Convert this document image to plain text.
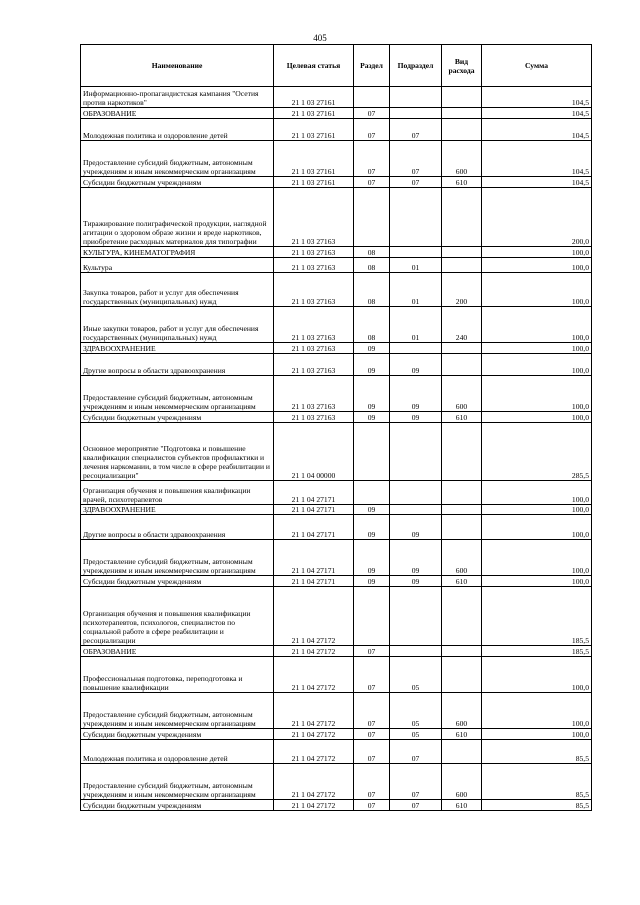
405
Наименование	Целевая статья	Раздел	Подраздел	Вид расхода	Сумма
Информационно-пропагандистская кампания "Осетия против наркотиков"	21 1 03 27161				104,5
ОБРАЗОВАНИЕ	21 1 03 27161	07			104,5
Молодежная политика и оздоровление детей	21 1 03 27161	07	07		104,5
Предоставление субсидий бюджетным, автономным учреждениям и иным некоммерческим организациям	21 1 03 27161	07	07	600	104,5
Субсидии бюджетным учреждениям	21 1 03 27161	07	07	610	104,5
Тиражирование полиграфической продукции, наглядной агитации о здоровом образе жизни и вреде наркотиков, приобретение расходных материалов для типографии	21 1 03 27163				200,0
КУЛЬТУРА, КИНЕМАТОГРАФИЯ	21 1 03 27163	08			100,0
Культура	21 1 03 27163	08	01		100,0
Закупка товаров, работ и услуг для обеспечения государственных (муниципальных) нужд	21 1 03 27163	08	01	200	100,0
Иные закупки товаров, работ и услуг для обеспечения государственных (муниципальных) нужд	21 1 03 27163	08	01	240	100,0
ЗДРАВООХРАНЕНИЕ	21 1 03 27163	09			100,0
Другие вопросы в области здравоохранения	21 1 03 27163	09	09		100,0
Предоставление субсидий бюджетным, автономным учреждениям и иным некоммерческим организациям	21 1 03 27163	09	09	600	100,0
Субсидии бюджетным учреждениям	21 1 03 27163	09	09	610	100,0
Основное мероприятие "Подготовка и повышение квалификации специалистов субъектов профилактики и лечения наркомании, в том числе в сфере реабилитации и ресоциализации"	21 1 04 00000				285,5
Организация обучения и повышения квалификации врачей, психотерапевтов	21 1 04 27171				100,0
ЗДРАВООХРАНЕНИЕ	21 1 04 27171	09			100,0
Другие вопросы в области здравоохранения	21 1 04 27171	09	09		100,0
Предоставление субсидий бюджетным, автономным учреждениям и иным некоммерческим организациям	21 1 04 27171	09	09	600	100,0
Субсидии бюджетным учреждениям	21 1 04 27171	09	09	610	100,0
Организация обучения и повышения квалификации психотерапевтов, психологов, специалистов по социальной работе в сфере реабилитации и ресоциализации	21 1 04 27172				185,5
ОБРАЗОВАНИЕ	21 1 04 27172	07			185,5
Профессиональная подготовка, переподготовка и повышение квалификации	21 1 04 27172	07	05		100,0
Предоставление субсидий бюджетным, автономным учреждениям и иным некоммерческим организациям	21 1 04 27172	07	05	600	100,0
Субсидии бюджетным учреждениям	21 1 04 27172	07	05	610	100,0
Молодежная политика и оздоровление детей	21 1 04 27172	07	07		85,5
Предоставление субсидий бюджетным, автономным учреждениям и иным некоммерческим организациям	21 1 04 27172	07	07	600	85,5
Субсидии бюджетным учреждениям	21 1 04 27172	07	07	610	85,5
